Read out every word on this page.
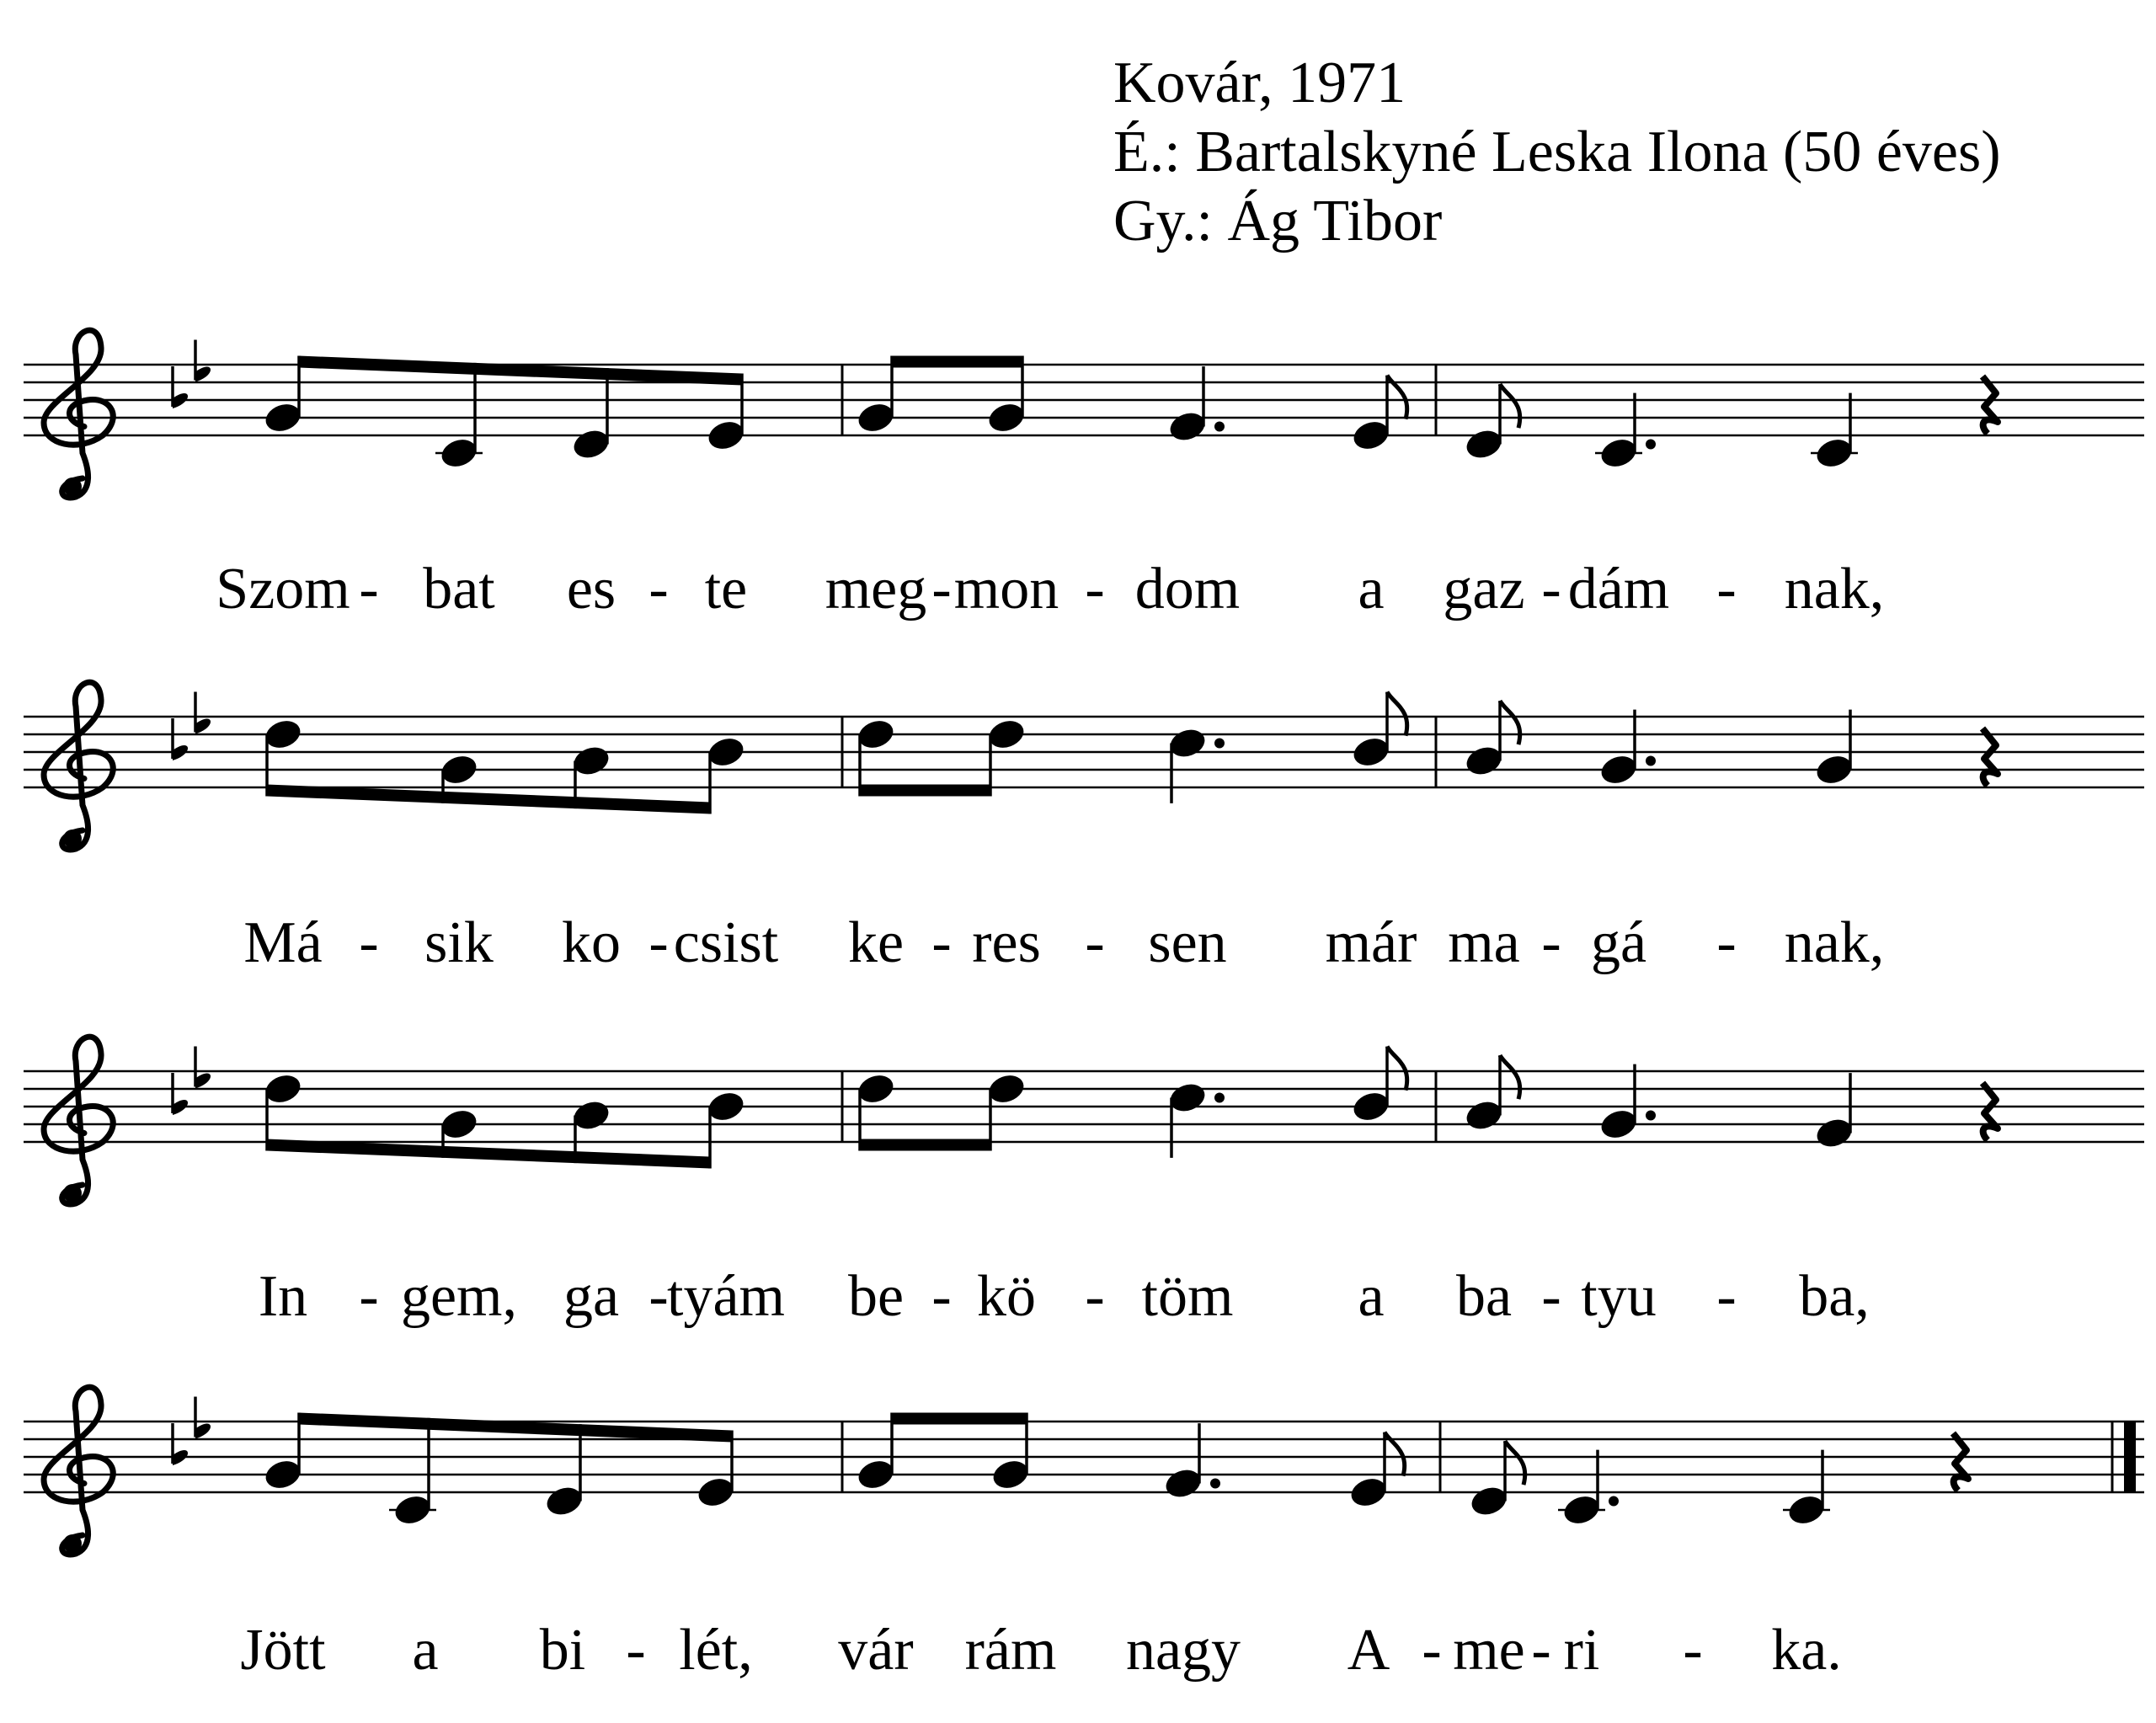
Kovár, 1971
É.: Bartalskyné Leska Ilona (50 éves)
Gy.: Ág Tibor
Szom - bat es - te meg - mon - dom a gaz - dám - nak,
Má - sik ko - csist ke - res - sen már ma - gá - nak,
In - gem, ga -
tyám be - kö - töm a ba - tyu - ba,
Jött a bi - lét, vár rám nagy A - me - ri - ka.
